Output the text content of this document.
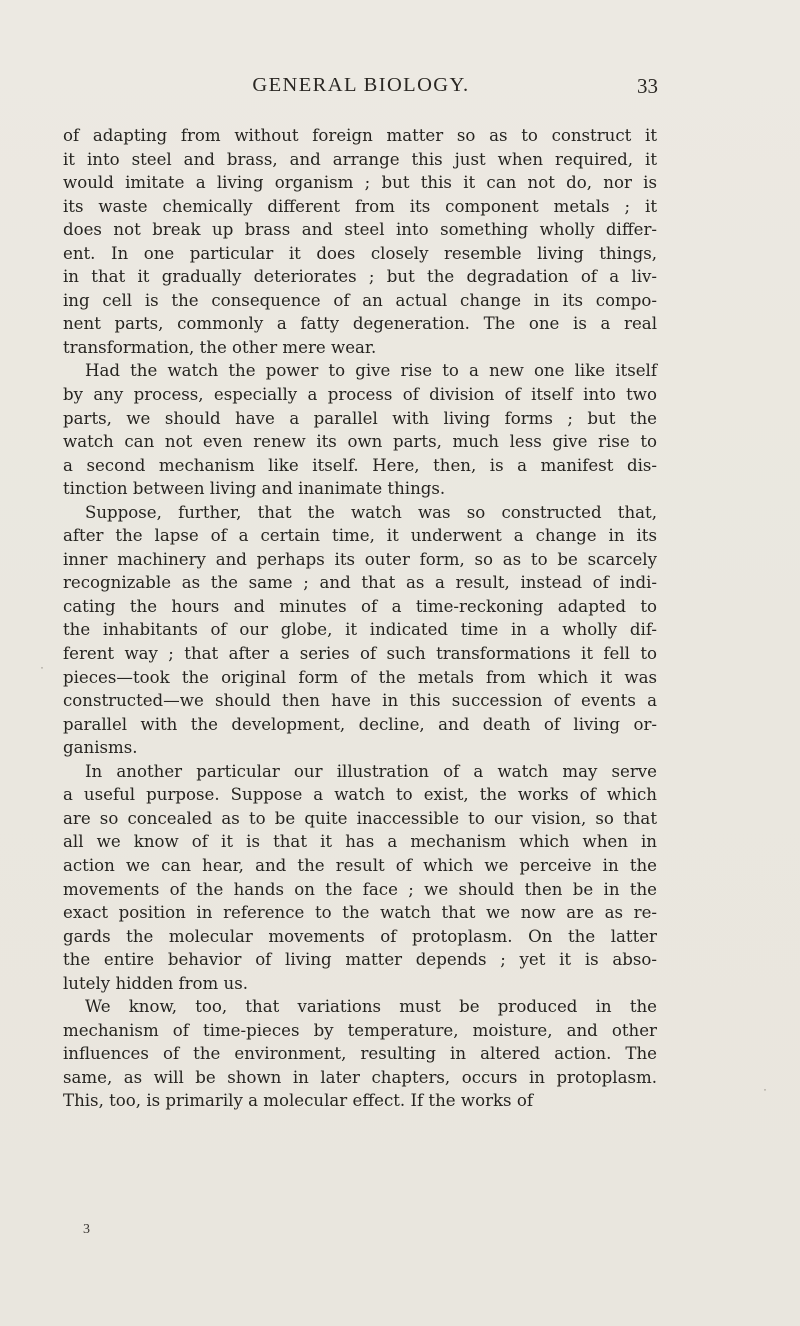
GENERAL BIOLOGY.	33
of adapting from without foreign matter so as to construct it
it into steel and brass, and arrange this just when required, it
would imitate a living organism ; but this it can not do, nor is
its waste chemically different from its component metals ; it
does not break up brass and steel into something wholly differ-
ent. In one particular it does closely resemble living things,
in that it gradually deteriorates ; but the degradation of a liv-
ing cell is the consequence of an actual change in its compo-
nent parts, commonly a fatty degeneration. The one is a real
transformation, the other mere wear.
Had the watch the power to give rise to a new one like itself
by any process, especially a process of division of itself into two
parts, we should have a parallel with living forms ; but the
watch can not even renew its own parts, much less give rise to
a second mechanism like itself. Here, then, is a manifest dis-
tinction between living and inanimate things.
Suppose, further, that the watch was so constructed that,
after the lapse of a certain time, it underwent a change in its
inner machinery and perhaps its outer form, so as to be scarcely
recognizable as the same ; and that as a result, instead of indi-
cating the hours and minutes of a time-reckoning adapted to
the inhabitants of our globe, it indicated time in a wholly dif-
ferent way ; that after a series of such transformations it fell to
pieces—took the original form of the metals from which it was
constructed—we should then have in this succession of events a
parallel with the development, decline, and death of living or-
ganisms.
In another particular our illustration of a watch may serve
a useful purpose. Suppose a watch to exist, the works of which
are so concealed as to be quite inaccessible to our vision, so that
all we know of it is that it has a mechanism which when in
action we can hear, and the result of which we perceive in the
movements of the hands on the face ; we should then be in the
exact position in reference to the watch that we now are as re-
gards the molecular movements of protoplasm. On the latter
the entire behavior of living matter depends ; yet it is abso-
lutely hidden from us.
We know, too, that variations must be produced in the
mechanism of time-pieces by temperature, moisture, and other
influences of the environment, resulting in altered action. The
same, as will be shown in later chapters, occurs in protoplasm.
This, too, is primarily a molecular effect. If the works of
3
·
·
